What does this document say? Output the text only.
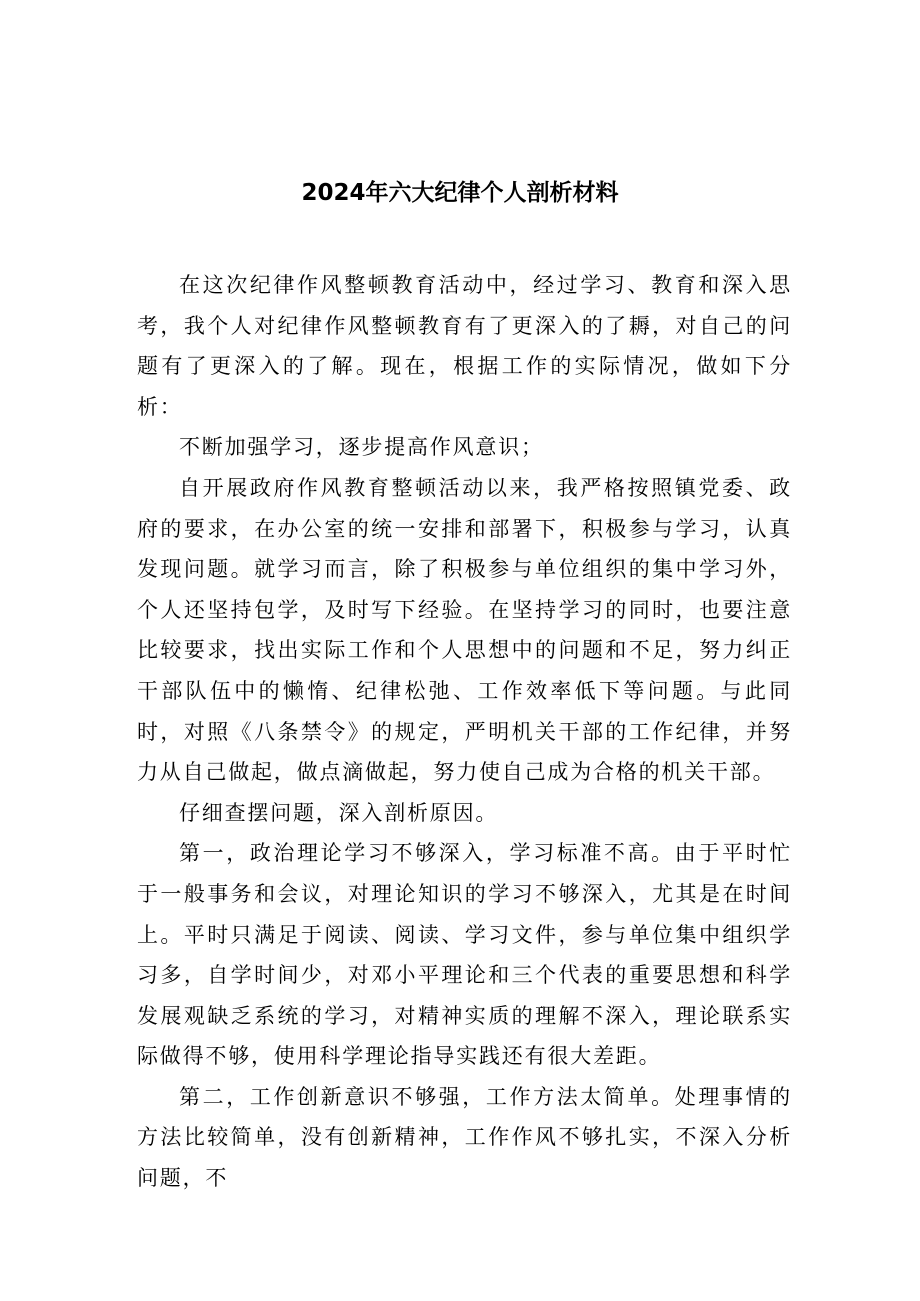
2024年六大纪律个人剖析材料

在这次纪律作风整顿教育活动中，经过学习、教育和深入思考，我个人对纪律作风整顿教育有了更深入的了耨，对自己的问题有了更深入的了解。现在，根据工作的实际情况，做如下分析：

不断加强学习，逐步提高作风意识；

自开展政府作风教育整顿活动以来，我严格按照镇党委、政府的要求，在办公室的统一安排和部署下，积极参与学习，认真发现问题。就学习而言，除了积极参与单位组织的集中学习外，个人还坚持包学，及时写下经验。在坚持学习的同时，也要注意比较要求，找出实际工作和个人思想中的问题和不足，努力纠正干部队伍中的懒惰、纪律松弛、工作效率低下等问题。与此同时，对照《八条禁令》的规定，严明机关干部的工作纪律，并努力从自己做起，做点滴做起，努力使自己成为合格的机关干部。

仔细查摆问题，深入剖析原因。

第一，政治理论学习不够深入，学习标准不高。由于平时忙于一般事务和会议，对理论知识的学习不够深入，尤其是在时间上。平时只满足于阅读、阅读、学习文件，参与单位集中组织学习多，自学时间少，对邓小平理论和三个代表的重要思想和科学发展观缺乏系统的学习，对精神实质的理解不深入，理论联系实际做得不够，使用科学理论指导实践还有很大差距。

第二，工作创新意识不够强，工作方法太简单。处理事情的方法比较简单，没有创新精神，工作作风不够扎实，不深入分析问题，不
